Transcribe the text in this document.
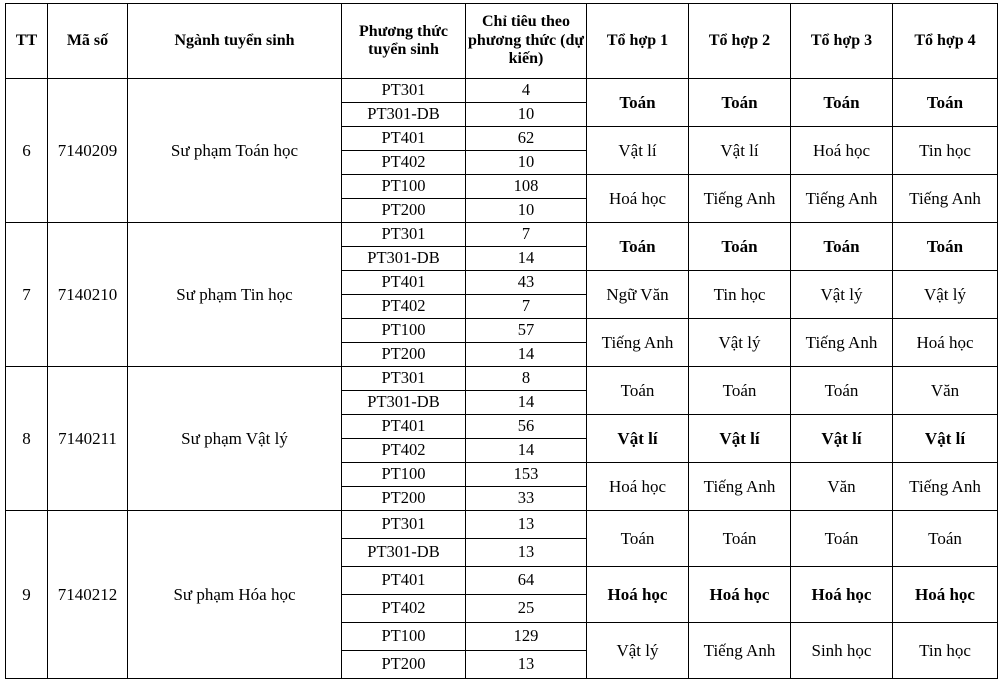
TT	Mã số	Ngành tuyển sinh	Phương thức tuyển sinh	Chỉ tiêu theo phương thức (dự kiến)	Tổ hợp 1	Tổ hợp 2	Tổ hợp 3	Tổ hợp 4
6	7140209	Sư phạm Toán học	PT301	4	Toán	Toán	Toán	Toán
			PT301-DB	10				
			PT401	62	Vật lí	Vật lí	Hoá học	Tin học
			PT402	10				
			PT100	108	Hoá học	Tiếng Anh	Tiếng Anh	Tiếng Anh
			PT200	10				
7	7140210	Sư phạm Tin học	PT301	7	Toán	Toán	Toán	Toán
			PT301-DB	14				
			PT401	43	Ngữ Văn	Tin học	Vật lý	Vật lý
			PT402	7				
			PT100	57	Tiếng Anh	Vật lý	Tiếng Anh	Hoá học
			PT200	14				
8	7140211	Sư phạm Vật lý	PT301	8	Toán	Toán	Toán	Văn
			PT301-DB	14				
			PT401	56	Vật lí	Vật lí	Vật lí	Vật lí
			PT402	14				
			PT100	153	Hoá học	Tiếng Anh	Văn	Tiếng Anh
			PT200	33				
9	7140212	Sư phạm Hóa học	PT301	13	Toán	Toán	Toán	Toán
			PT301-DB	13				
			PT401	64	Hoá học	Hoá học	Hoá học	Hoá học
			PT402	25				
			PT100	129	Vật lý	Tiếng Anh	Sinh học	Tin học
			PT200	13				
